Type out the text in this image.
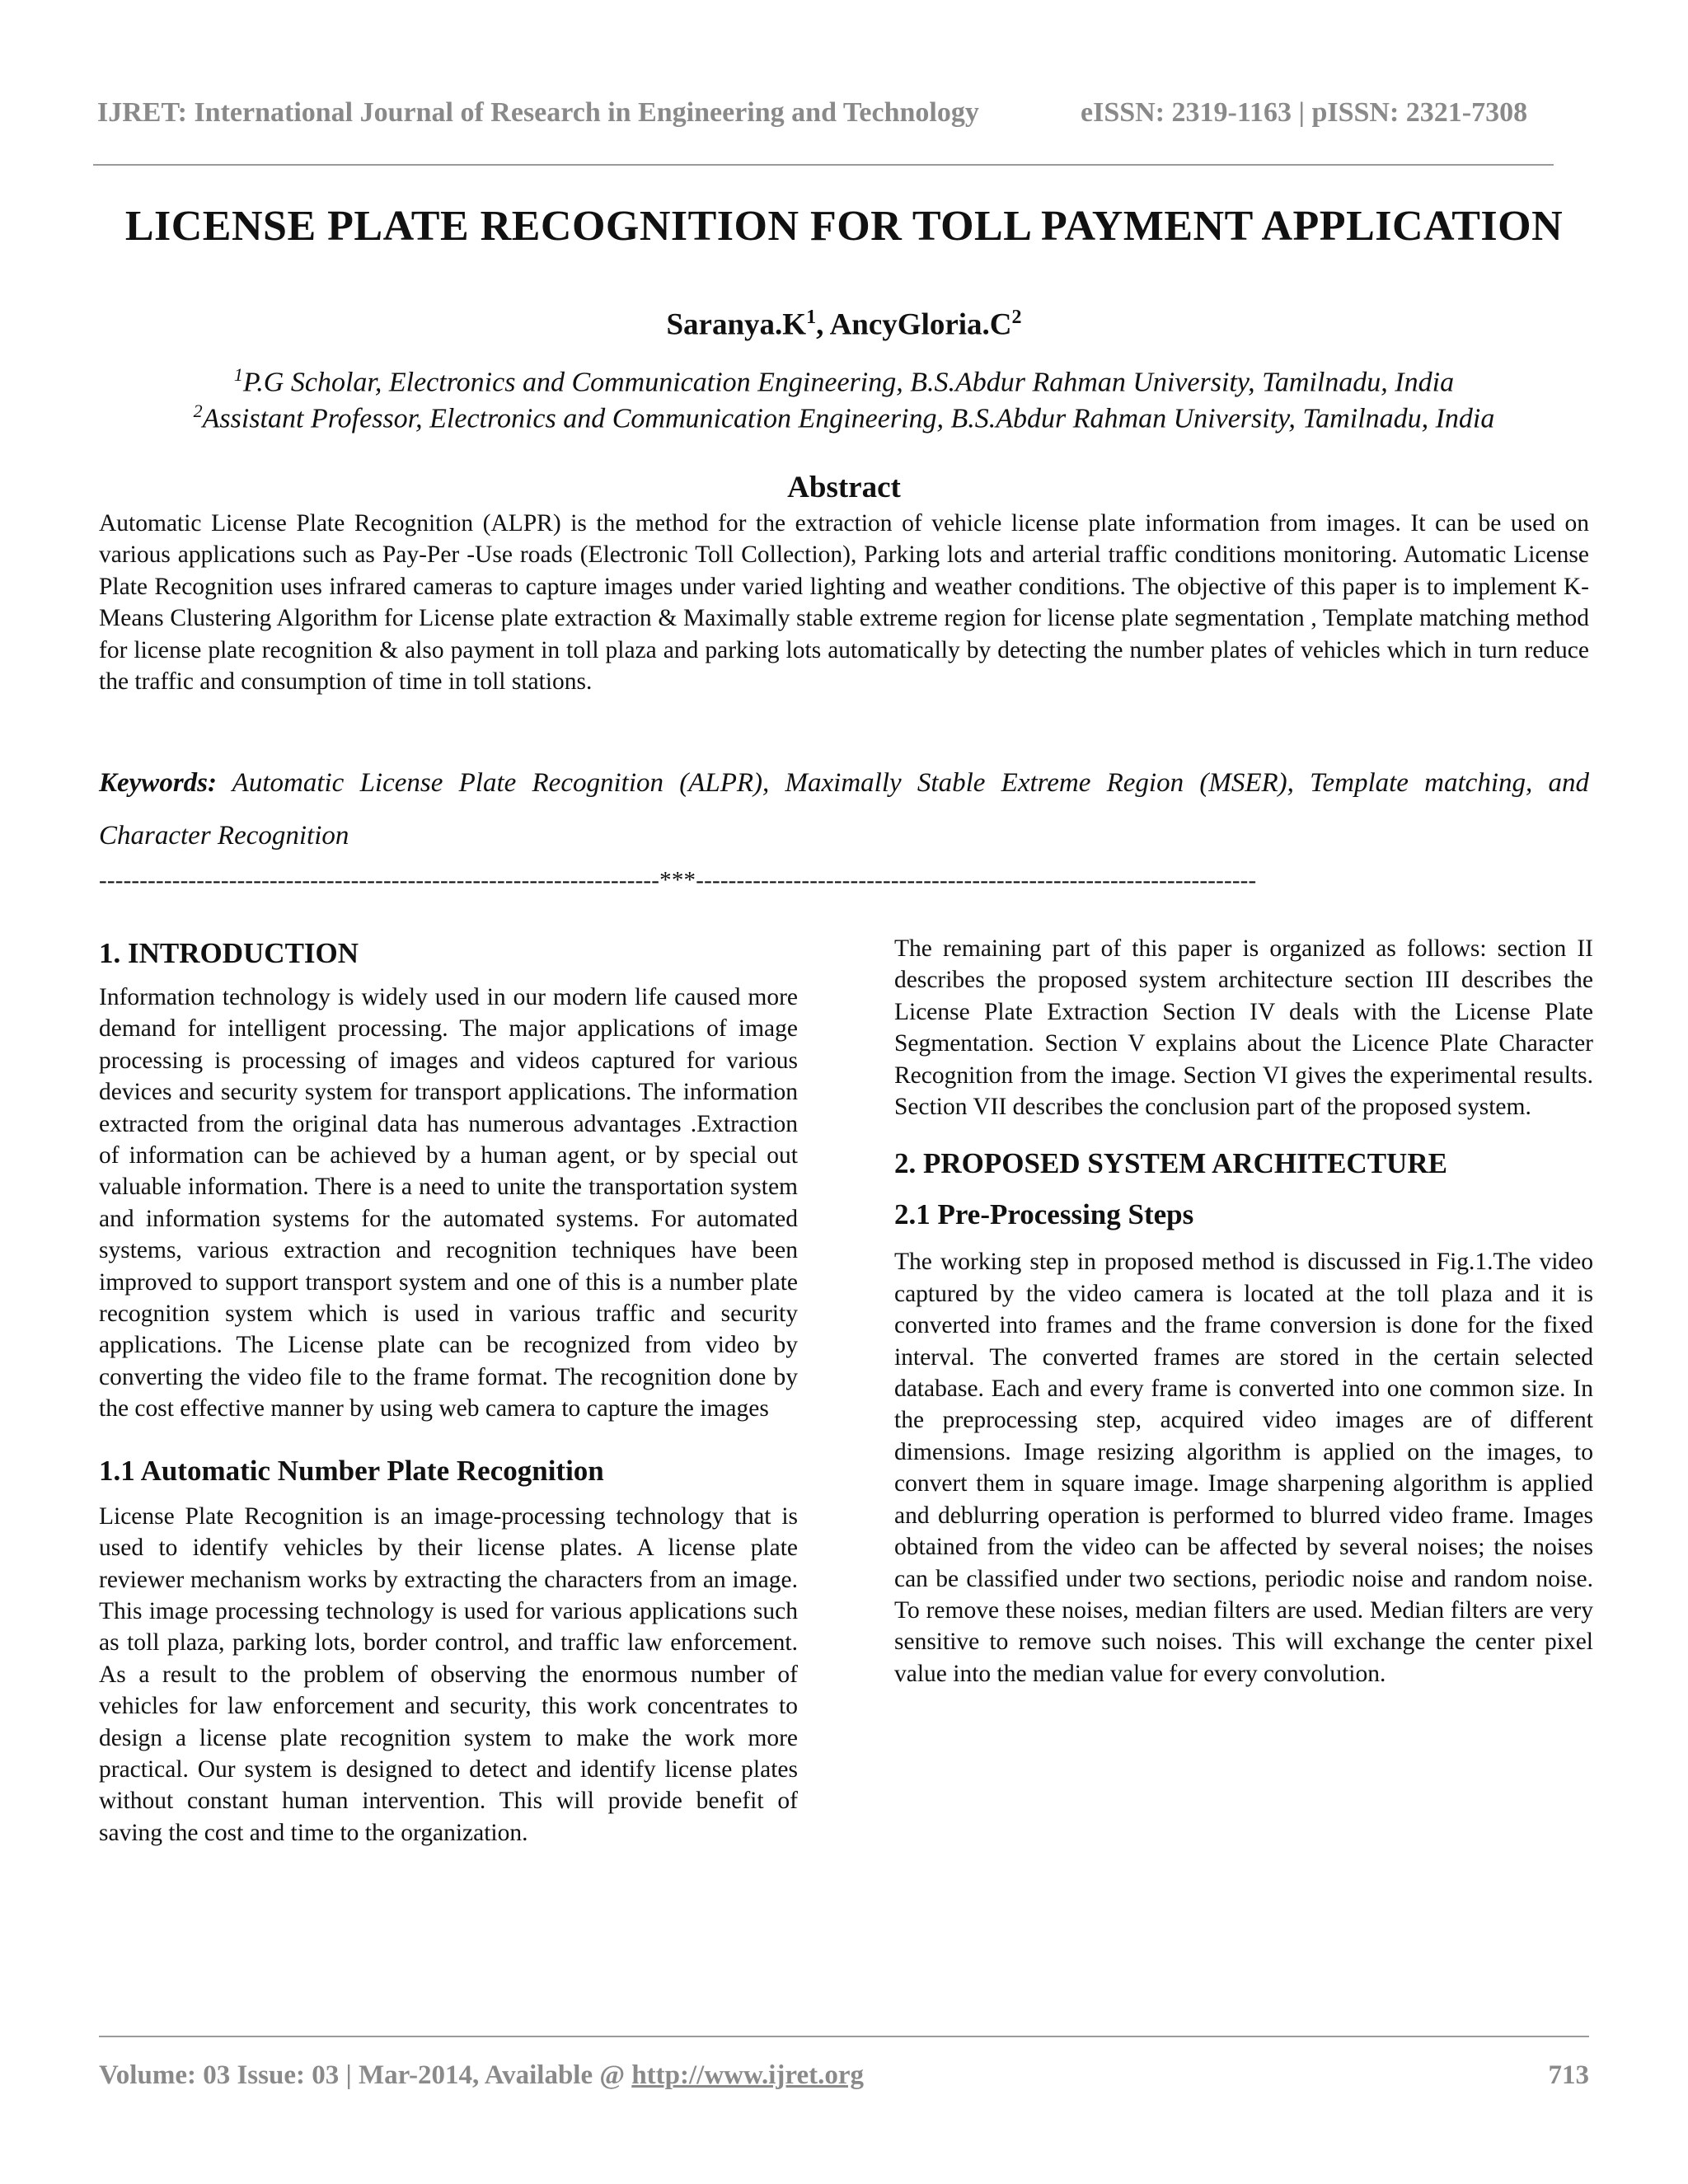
IJRET: International Journal of Research in Engineering and Technology	eISSN: 2319-1163 | pISSN: 2321-7308
LICENSE PLATE RECOGNITION FOR TOLL PAYMENT APPLICATION
$Saranya.K^1$, $AncyGloria.C^2$
$^1$P.G Scholar, Electronics and Communication Engineering, B.S.Abdur Rahman University, Tamilnadu, India
$^2$Assistant Professor, Electronics and Communication Engineering, B.S.Abdur Rahman University, Tamilnadu, India
Abstract
Automatic License Plate Recognition (ALPR) is the method for the extraction of vehicle license plate information from images. It can be used on various applications such as Pay-Per -Use roads (Electronic Toll Collection), Parking lots and arterial traffic conditions monitoring. Automatic License Plate Recognition uses infrared cameras to capture images under varied lighting and weather conditions. The objective of this paper is to implement K-Means Clustering Algorithm for License plate extraction & Maximally stable extreme region for license plate segmentation , Template matching method for license plate recognition & also payment in toll plaza and parking lots automatically by detecting the number plates of vehicles which in turn reduce the traffic and consumption of time in toll stations.
Keywords: Automatic License Plate Recognition (ALPR), Maximally Stable Extreme Region (MSER), Template matching, and Character Recognition
---------------------------------------------------------------------***---------------------------------------------------------------------
1. INTRODUCTION
Information technology is widely used in our modern life caused more demand for intelligent processing. The major applications of image processing is processing of images and videos captured for various devices and security system for transport applications. The information extracted from the original data has numerous advantages .Extraction of information can be achieved by a human agent, or by special out valuable information. There is a need to unite the transportation system and information systems for the automated systems. For automated systems, various extraction and recognition techniques have been improved to support transport system and one of this is a number plate recognition system which is used in various traffic and security applications. The License plate can be recognized from video by converting the video file to the frame format. The recognition done by the cost effective manner by using web camera to capture the images
1.1 Automatic Number Plate Recognition
License Plate Recognition is an image-processing technology that is used to identify vehicles by their license plates. A license plate reviewer mechanism works by extracting the characters from an image. This image processing technology is used for various applications such as toll plaza, parking lots, border control, and traffic law enforcement. As a result to the problem of observing the enormous number of vehicles for law enforcement and security, this work concentrates to design a license plate recognition system to make the work more practical. Our system is designed to detect and identify license plates without constant human intervention. This will provide benefit of saving the cost and time to the organization.
The remaining part of this paper is organized as follows: section II describes the proposed system architecture section III describes the License Plate Extraction Section IV deals with the License Plate Segmentation. Section V explains about the Licence Plate Character Recognition from the image. Section VI gives the experimental results. Section VII describes the conclusion part of the proposed system.
2. PROPOSED SYSTEM ARCHITECTURE
2.1 Pre-Processing Steps
The working step in proposed method is discussed in Fig.1.The video captured by the video camera is located at the toll plaza and it is converted into frames and the frame conversion is done for the fixed interval. The converted frames are stored in the certain selected database. Each and every frame is converted into one common size. In the preprocessing step, acquired video images are of different dimensions. Image resizing algorithm is applied on the images, to convert them in square image. Image sharpening algorithm is applied and deblurring operation is performed to blurred video frame. Images obtained from the video can be affected by several noises; the noises can be classified under two sections, periodic noise and random noise. To remove these noises, median filters are used. Median filters are very sensitive to remove such noises. This will exchange the center pixel value into the median value for every convolution.
Volume: 03 Issue: 03 | Mar-2014, Available @ http://www.ijret.org	713
